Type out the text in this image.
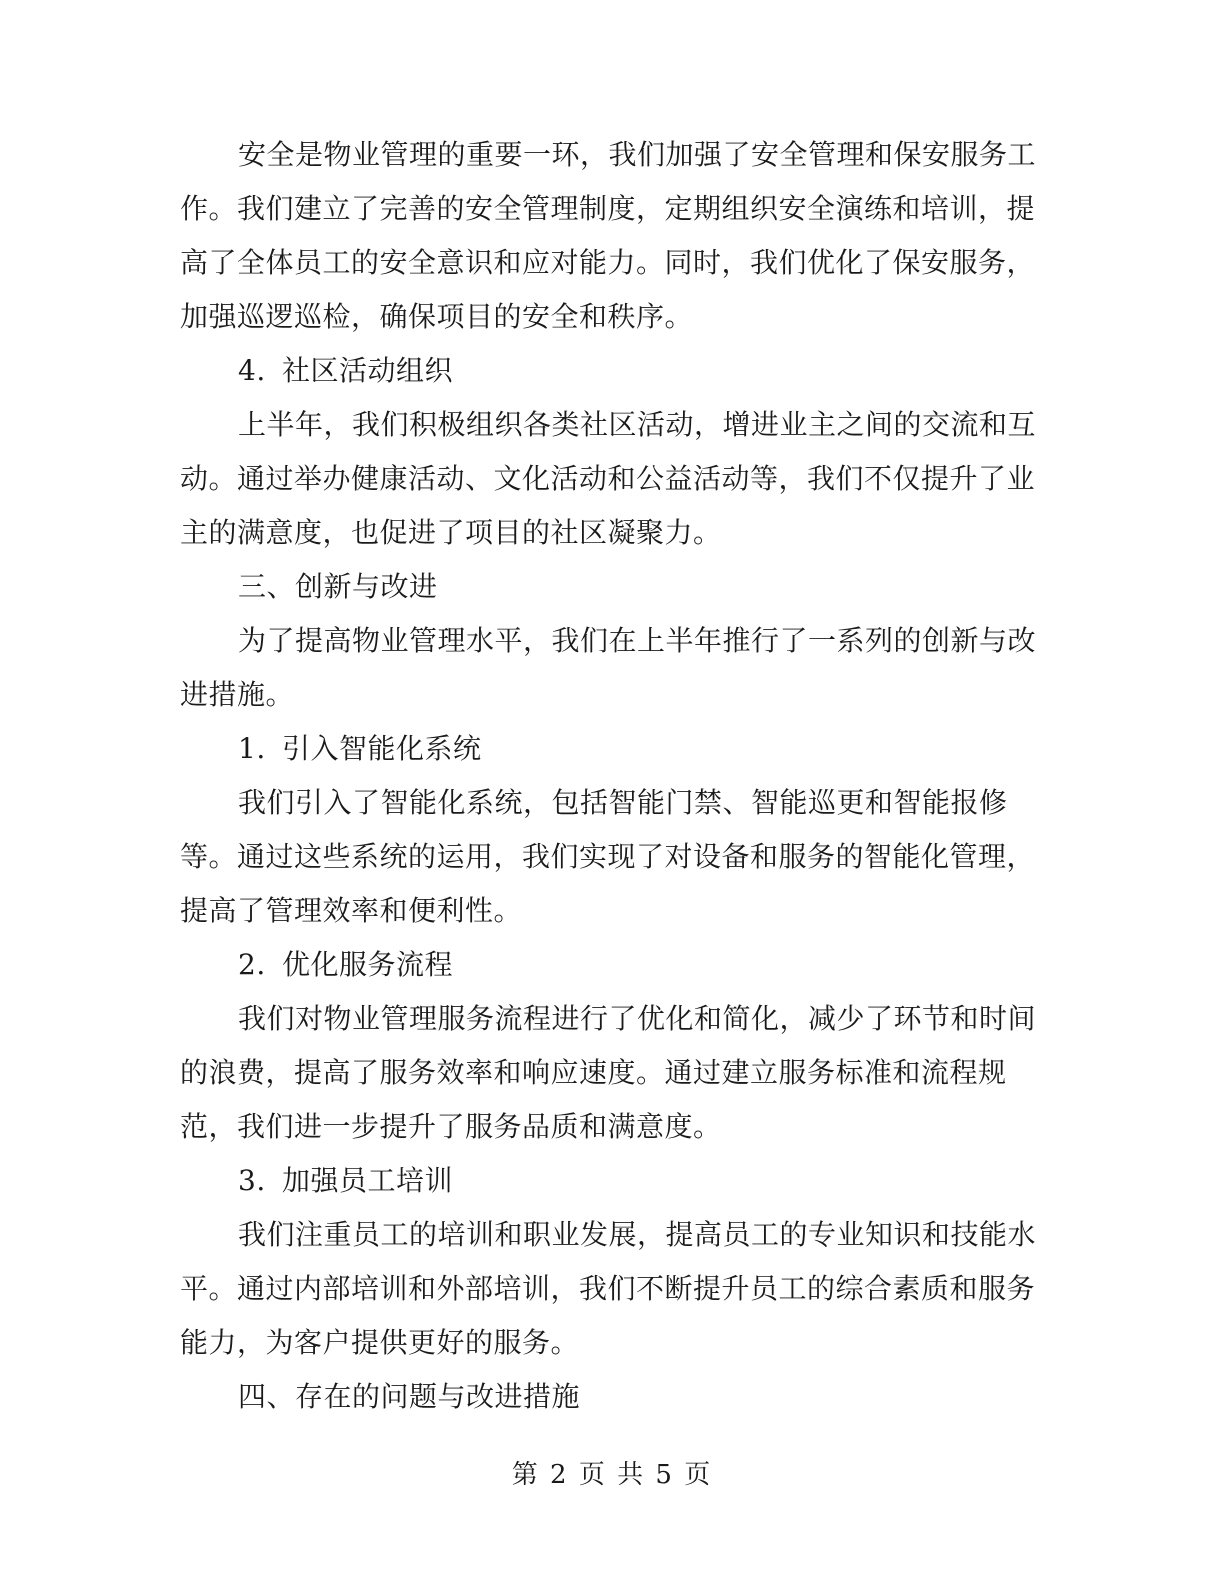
安全是物业管理的重要一环，我们加强了安全管理和保安服务工
作。我们建立了完善的安全管理制度，定期组织安全演练和培训，提
高了全体员工的安全意识和应对能力。同时，我们优化了保安服务，
加强巡逻巡检，确保项目的安全和秩序。
4. 社区活动组织
上半年，我们积极组织各类社区活动，增进业主之间的交流和互
动。通过举办健康活动、文化活动和公益活动等，我们不仅提升了业
主的满意度，也促进了项目的社区凝聚力。
三、创新与改进
为了提高物业管理水平，我们在上半年推行了一系列的创新与改
进措施。
1. 引入智能化系统
我们引入了智能化系统，包括智能门禁、智能巡更和智能报修
等。通过这些系统的运用，我们实现了对设备和服务的智能化管理，
提高了管理效率和便利性。
2. 优化服务流程
我们对物业管理服务流程进行了优化和简化，减少了环节和时间
的浪费，提高了服务效率和响应速度。通过建立服务标准和流程规
范，我们进一步提升了服务品质和满意度。
3. 加强员工培训
我们注重员工的培训和职业发展，提高员工的专业知识和技能水
平。通过内部培训和外部培训，我们不断提升员工的综合素质和服务
能力，为客户提供更好的服务。
四、存在的问题与改进措施
第 2 页 共 5 页
